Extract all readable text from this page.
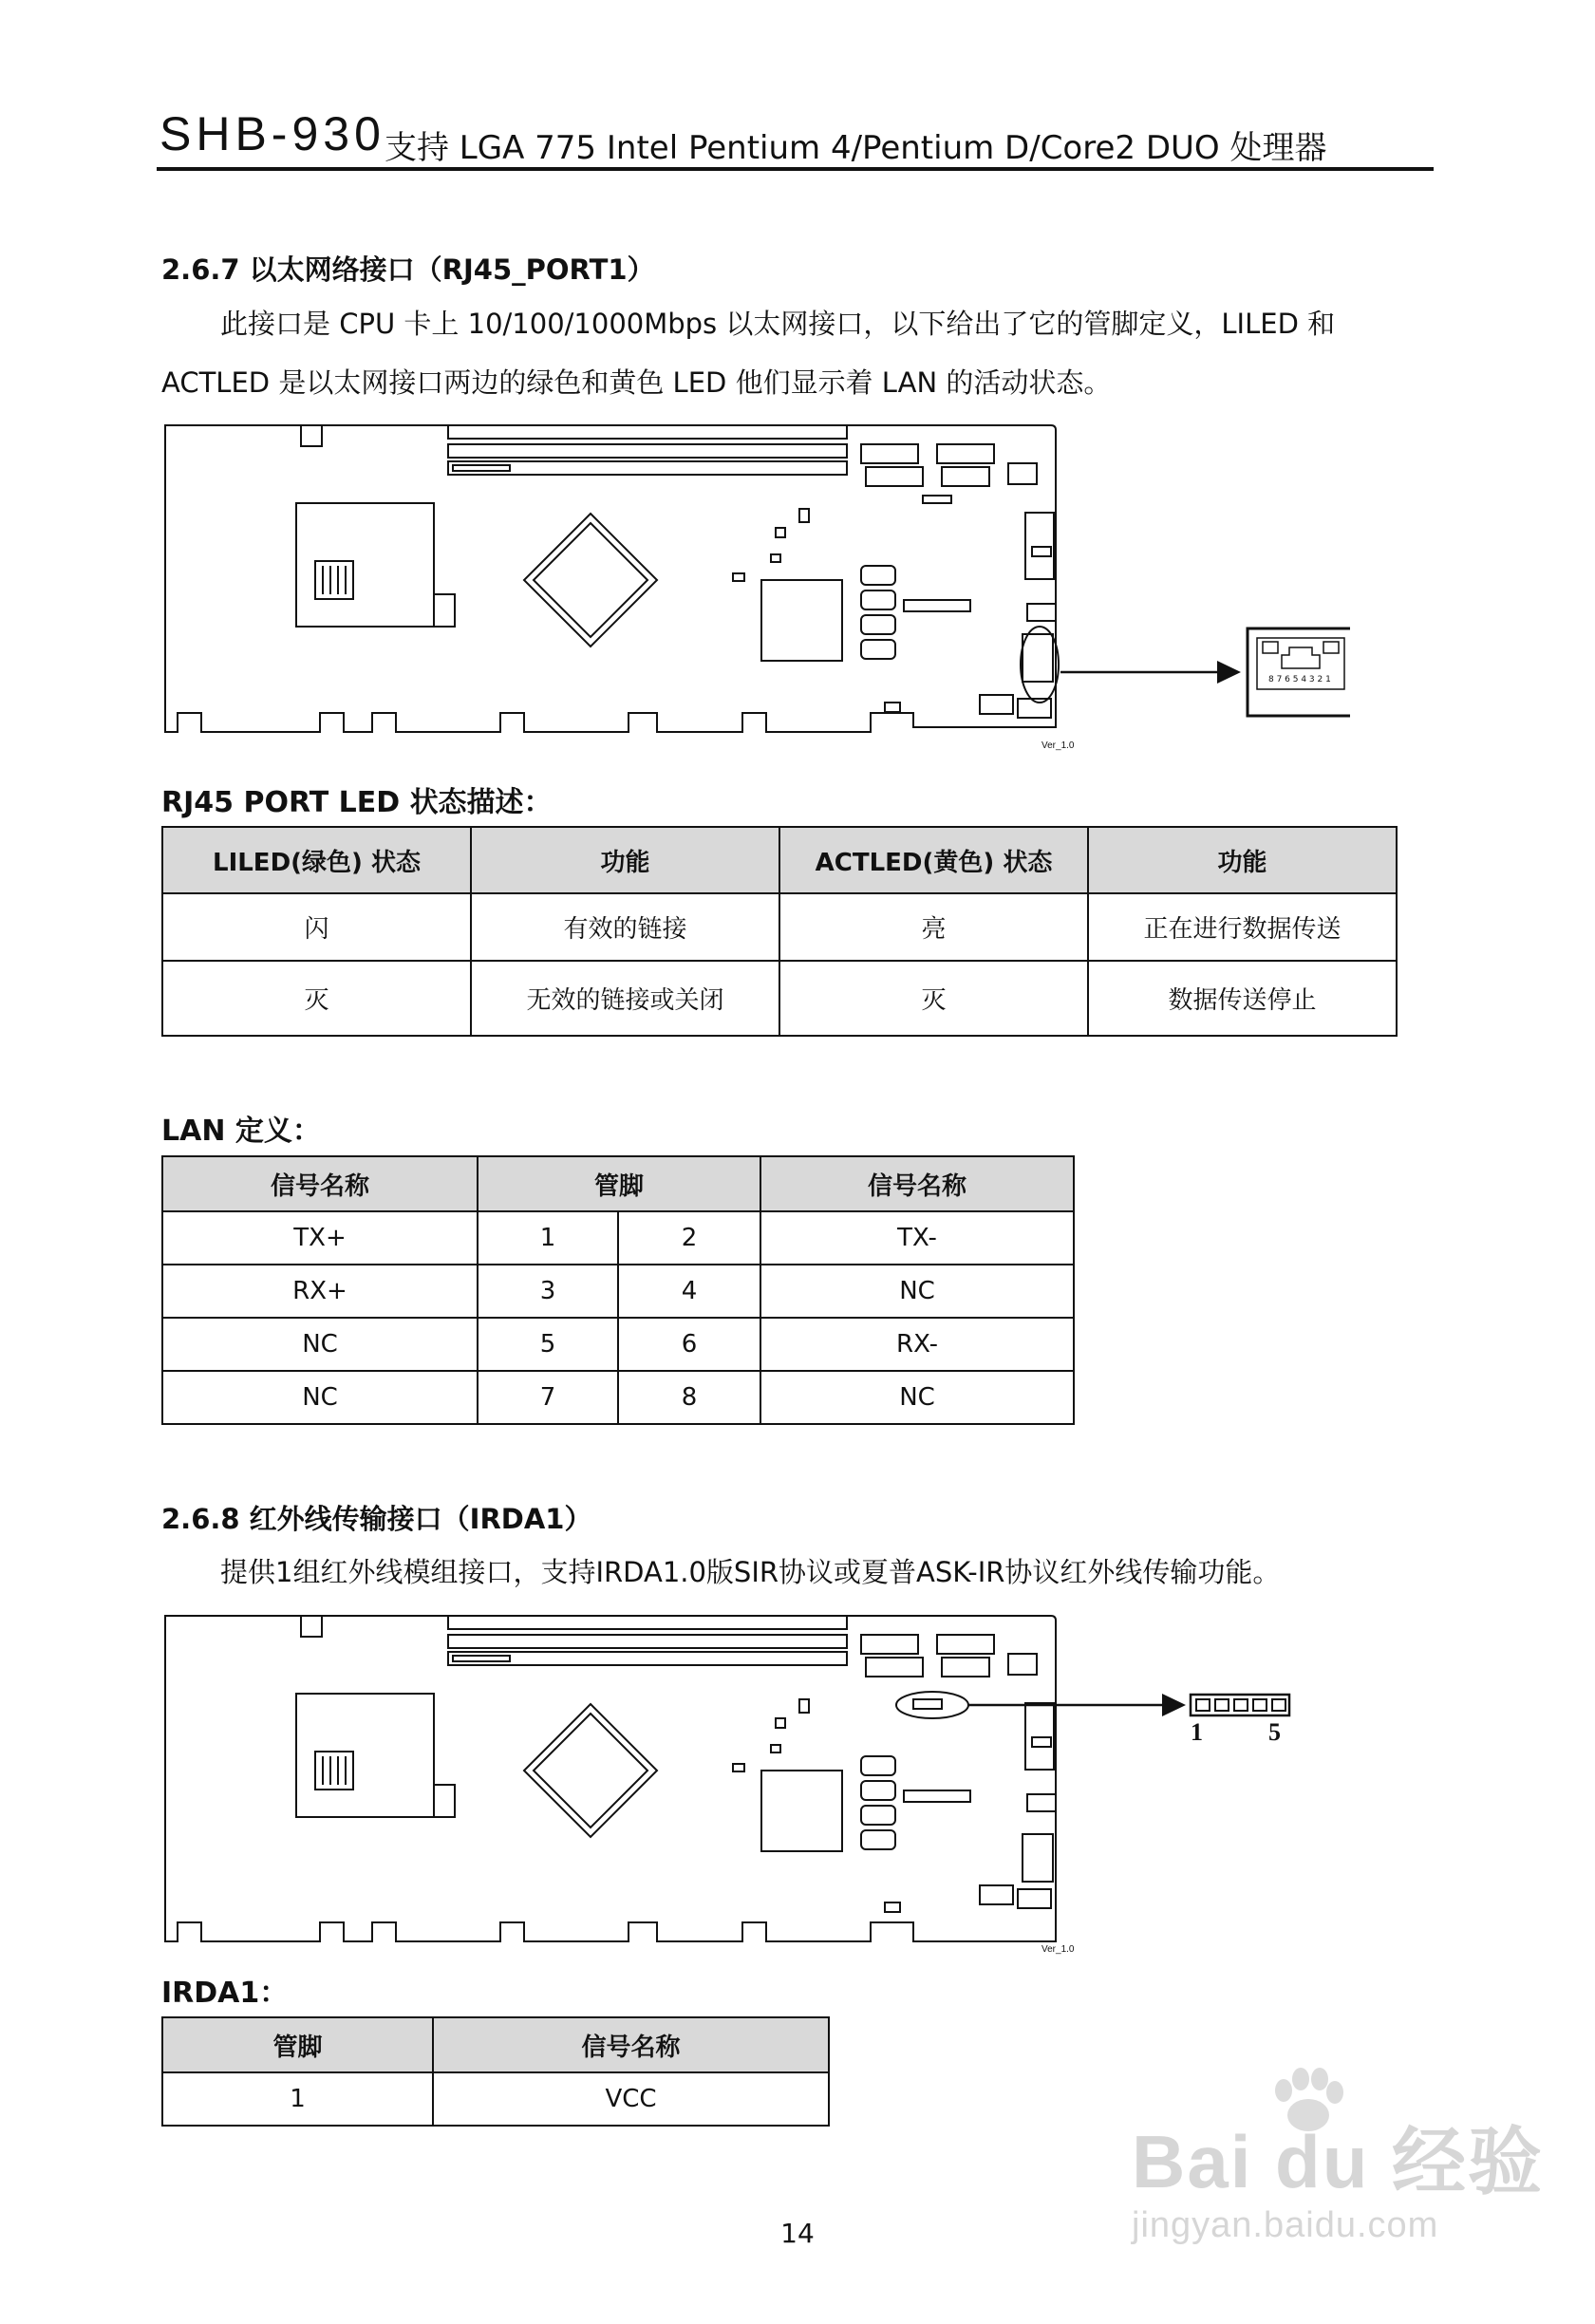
SHB-930 支持 LGA 775 Intel Pentium 4/Pentium D/Core2 DUO 处理器
2.6.7 以太网络接口（RJ45_PORT1）
此接口是 CPU 卡上 10/100/1000Mbps 以太网接口，以下给出了它的管脚定义，LILED 和
ACTLED 是以太网接口两边的绿色和黄色 LED 他们显示着 LAN 的活动状态。
Ver_1.0
8 7 6 5 4 3 2 1
RJ45 PORT LED 状态描述：
LILED(绿色) 状态	功能	ACTLED(黄色) 状态	功能
闪	有效的链接	亮	正在进行数据传送
灭	无效的链接或关闭	灭	数据传送停止
LAN 定义：
信号名称	管脚		信号名称
TX+	1	2	TX-
RX+	3	4	NC
NC	5	6	RX-
NC	7	8	NC
2.6.8 红外线传输接口（IRDA1）
提供1组红外线模组接口，支持IRDA1.0版SIR协议或夏普ASK-IR协议红外线传输功能。
Ver_1.0
1	5
IRDA1：
管脚	信号名称
1	VCC
Bai du 经验
jingyan.baidu.com
14
